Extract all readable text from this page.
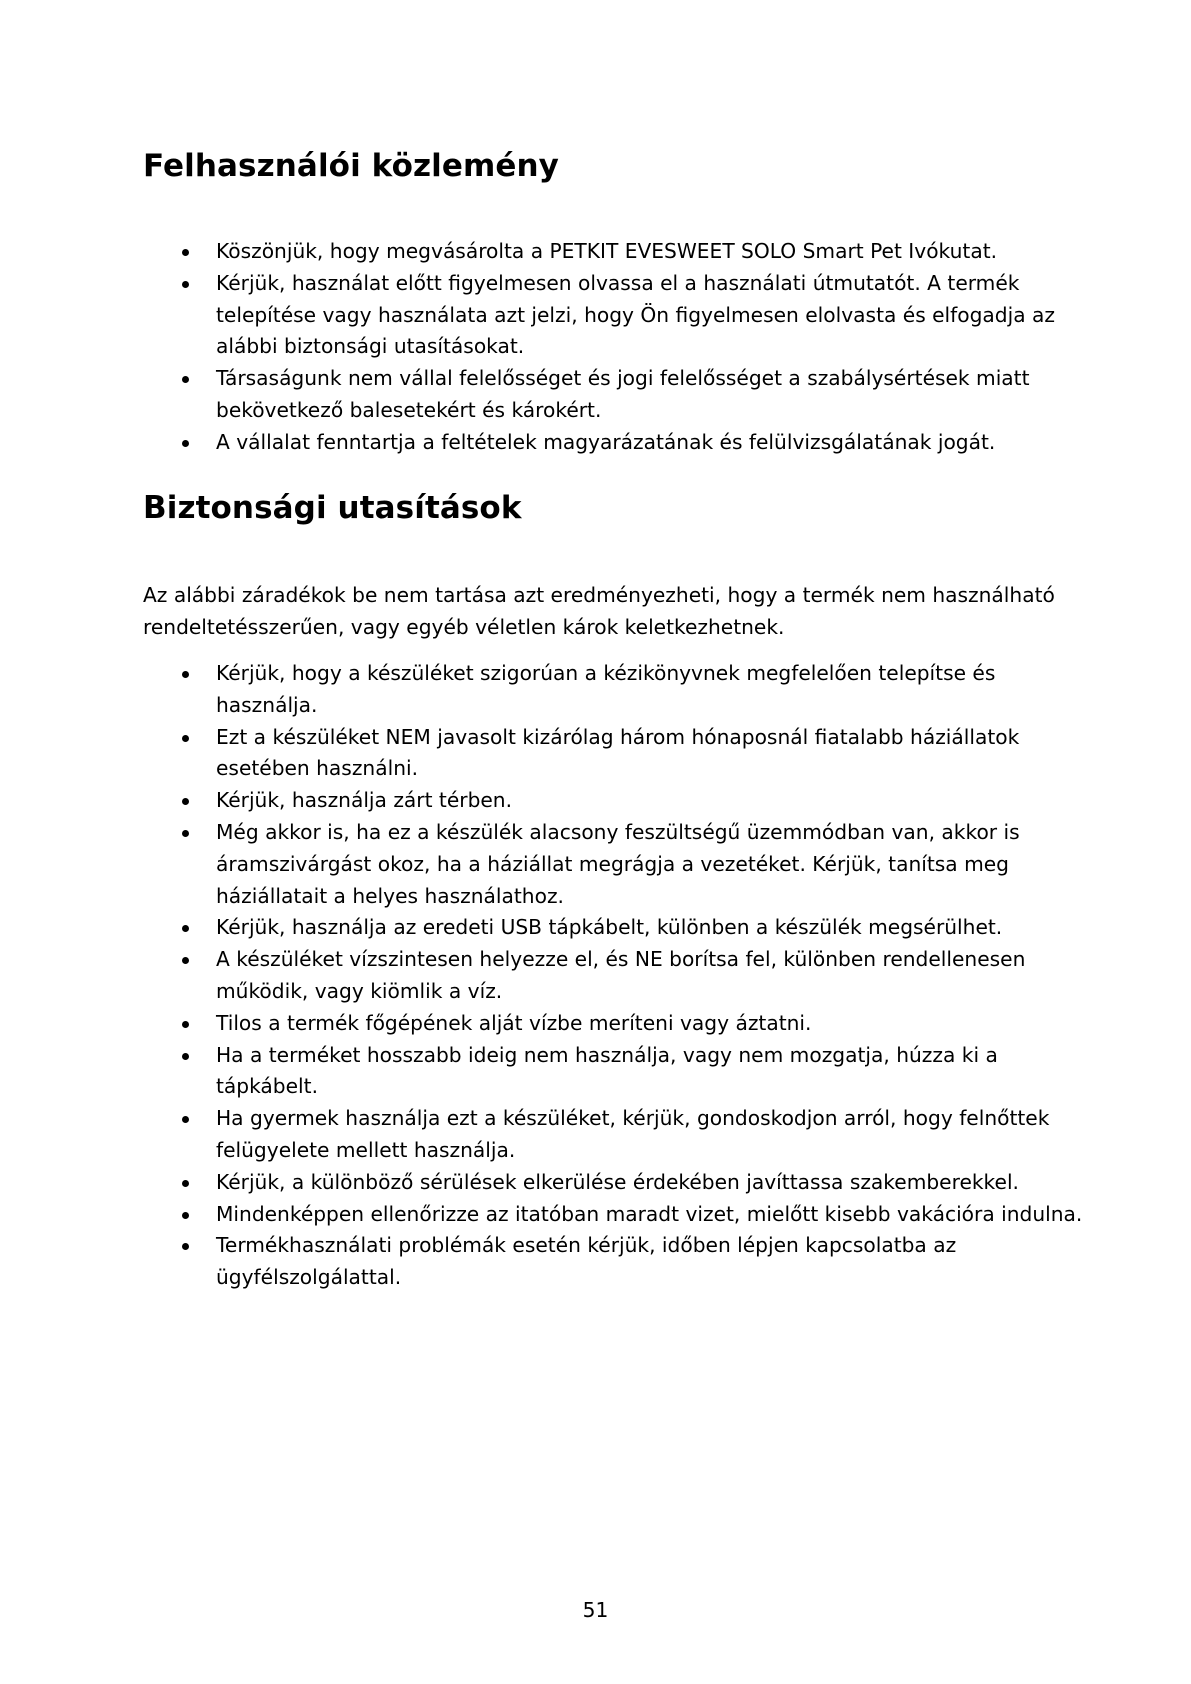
Felhasználói közlemény
Köszönjük, hogy megvásárolta a PETKIT EVESWEET SOLO Smart Pet Ivókutat.
Kérjük, használat előtt figyelmesen olvassa el a használati útmutatót. A termék
telepítése vagy használata azt jelzi, hogy Ön figyelmesen elolvasta és elfogadja az
alábbi biztonsági utasításokat.
Társaságunk nem vállal felelősséget és jogi felelősséget a szabálysértések miatt
bekövetkező balesetekért és károkért.
A vállalat fenntartja a feltételek magyarázatának és felülvizsgálatának jogát.
Biztonsági utasítások

Az alábbi záradékok be nem tartása azt eredményezheti, hogy a termék nem használható
rendeltetésszerűen, vagy egyéb véletlen károk keletkezhetnek.

Kérjük, hogy a készüléket szigorúan a kézikönyvnek megfelelően telepítse és
használja.
Ezt a készüléket NEM javasolt kizárólag három hónaposnál fiatalabb háziállatok
esetében használni.
Kérjük, használja zárt térben.
Még akkor is, ha ez a készülék alacsony feszültségű üzemmódban van, akkor is
áramszivárgást okoz, ha a háziállat megrágja a vezetéket. Kérjük, tanítsa meg
háziállatait a helyes használathoz.
Kérjük, használja az eredeti USB tápkábelt, különben a készülék megsérülhet.
A készüléket vízszintesen helyezze el, és NE borítsa fel, különben rendellenesen
működik, vagy kiömlik a víz.
Tilos a termék főgépének alját vízbe meríteni vagy áztatni.
Ha a terméket hosszabb ideig nem használja, vagy nem mozgatja, húzza ki a
tápkábelt.
Ha gyermek használja ezt a készüléket, kérjük, gondoskodjon arról, hogy felnőttek
felügyelete mellett használja.
Kérjük, a különböző sérülések elkerülése érdekében javíttassa szakemberekkel.
Mindenképpen ellenőrizze az itatóban maradt vizet, mielőtt kisebb vakációra indulna.
Termékhasználati problémák esetén kérjük, időben lépjen kapcsolatba az
ügyfélszolgálattal.
51
